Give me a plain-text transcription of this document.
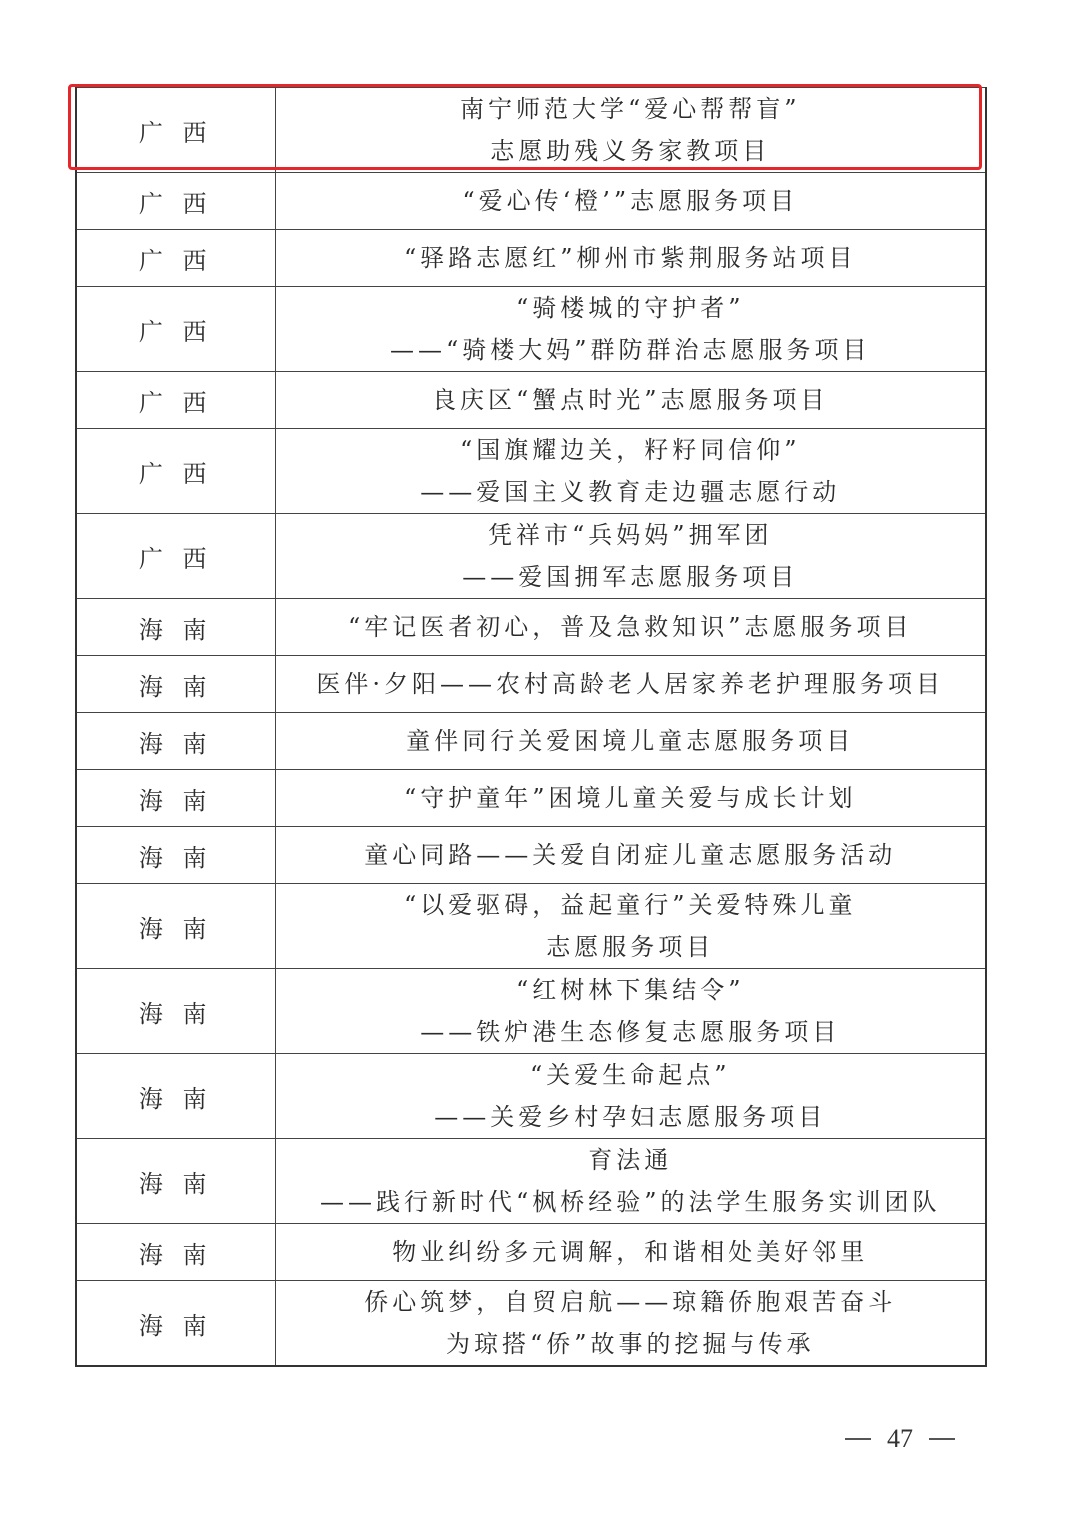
广 西	南宁师范大学“爱心帮帮盲”
志愿助残义务家教项目

广 西	“爱心传‘橙’”志愿服务项目

广 西	“驿路志愿红”柳州市紫荆服务站项目

广 西	“骑楼城的守护者”
——“骑楼大妈”群防群治志愿服务项目

广 西	良庆区“蟹点时光”志愿服务项目

广 西	“国旗耀边关，籽籽同信仰”
——爱国主义教育走边疆志愿行动

广 西	凭祥市“兵妈妈”拥军团
——爱国拥军志愿服务项目

海 南	“牢记医者初心，普及急救知识”志愿服务项目

海 南	医伴·夕阳——农村高龄老人居家养老护理服务项目

海 南	童伴同行关爱困境儿童志愿服务项目

海 南	“守护童年”困境儿童关爱与成长计划

海 南	童心同路——关爱自闭症儿童志愿服务活动

海 南	“以爱驱碍，益起童行”关爱特殊儿童
志愿服务项目

海 南	“红树林下集结令”
——铁炉港生态修复志愿服务项目

海 南	“关爱生命起点”
——关爱乡村孕妇志愿服务项目

海 南	育法通
——践行新时代“枫桥经验”的法学生服务实训团队

海 南	物业纠纷多元调解，和谐相处美好邻里

海 南	侨心筑梦，自贸启航——琼籍侨胞艰苦奋斗
为琼搭“侨”故事的挖掘与传承
47
